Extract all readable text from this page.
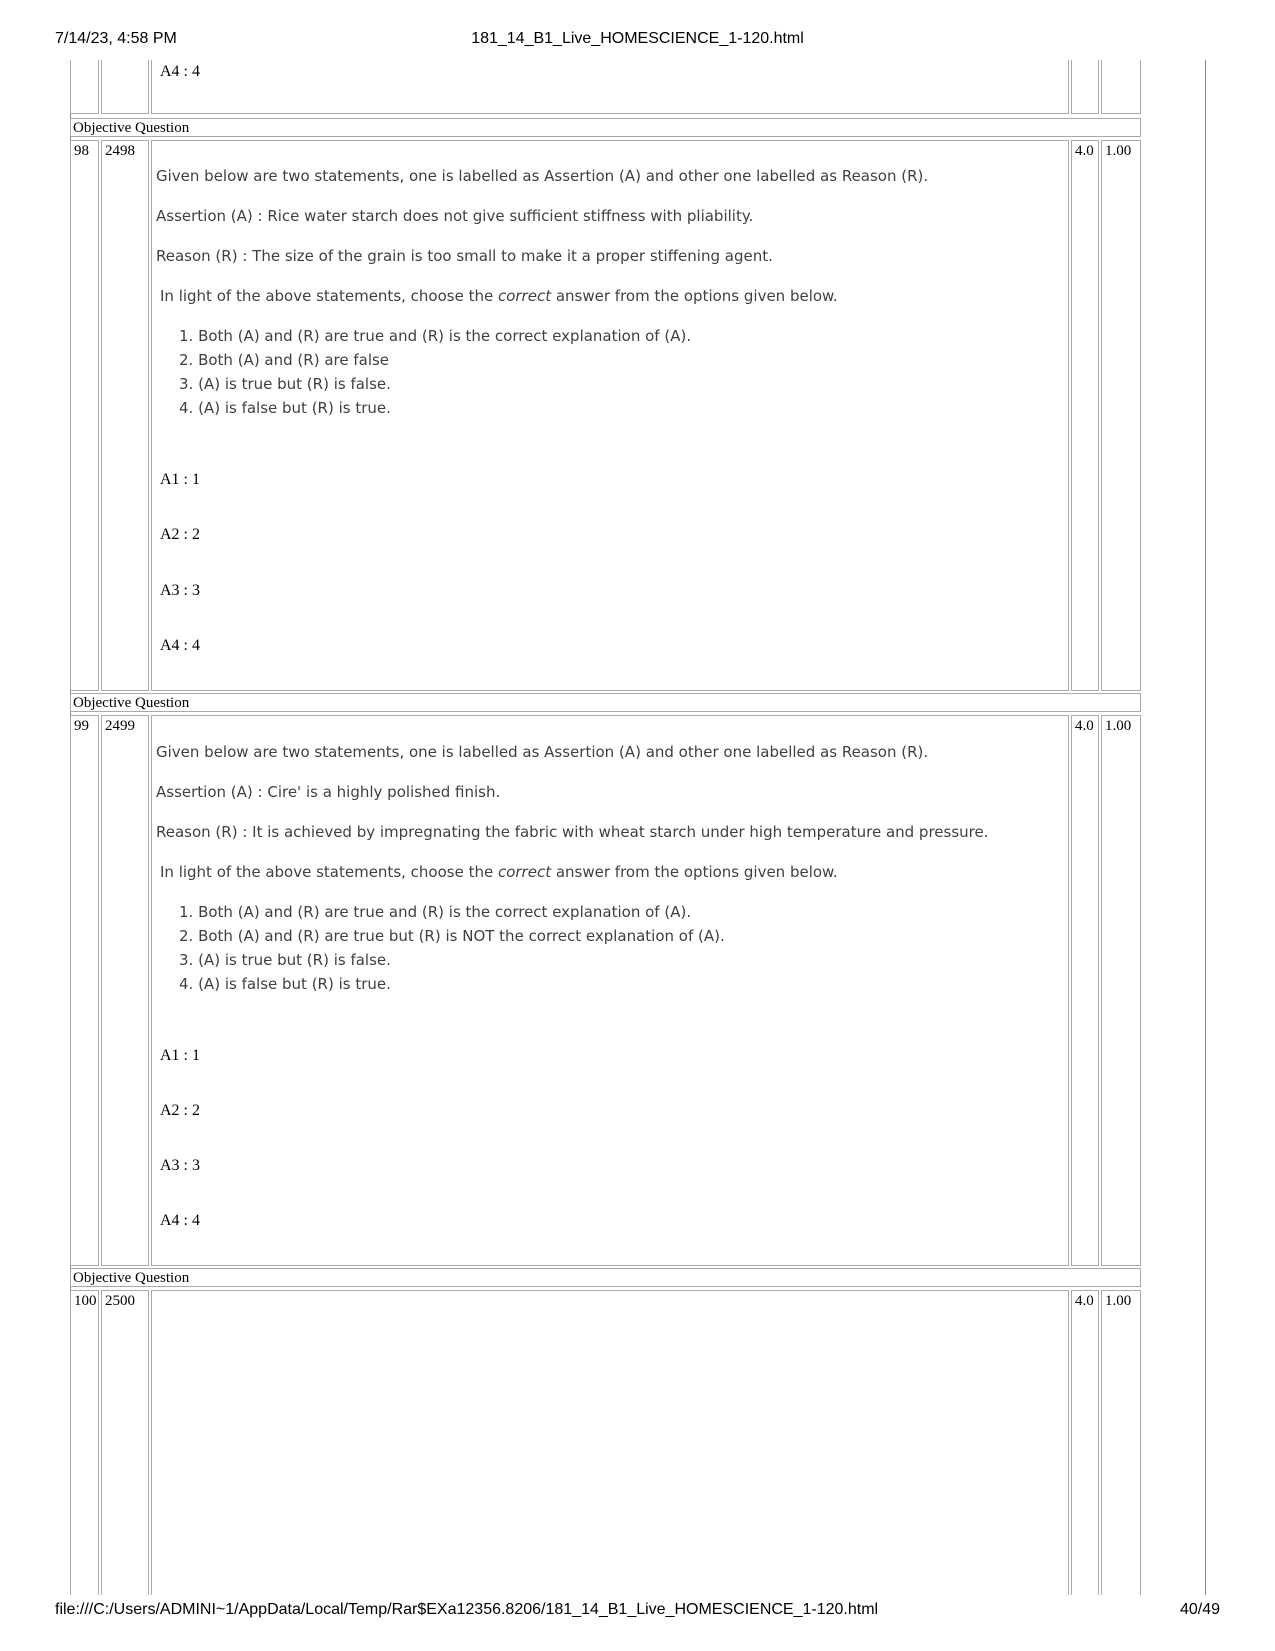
7/14/23, 4:58 PM	181_14_B1_Live_HOMESCIENCE_1-120.html
A4 : 4
Objective Question
98	2498
Given below are two statements, one is labelled as Assertion (A) and other one labelled as Reason (R).
Assertion (A) : Rice water starch does not give sufficient stiffness with pliability.
Reason (R) : The size of the grain is too small to make it a proper stiffening agent.
In light of the above statements, choose the correct answer from the options given below.
1. Both (A) and (R) are true and (R) is the correct explanation of (A).
2. Both (A) and (R) are false
3. (A) is true but (R) is false.
4. (A) is false but (R) is true.
A1 : 1
A2 : 2
A3 : 3
A4 : 4
4.0 1.00
Objective Question
99	2499
Given below are two statements, one is labelled as Assertion (A) and other one labelled as Reason (R).
Assertion (A) : Cire' is a highly polished finish.
Reason (R) : It is achieved by impregnating the fabric with wheat starch under high temperature and pressure.
In light of the above statements, choose the correct answer from the options given below.
1. Both (A) and (R) are true and (R) is the correct explanation of (A).
2. Both (A) and (R) are true but (R) is NOT the correct explanation of (A).
3. (A) is true but (R) is false.
4. (A) is false but (R) is true.
A1 : 1
A2 : 2
A3 : 3
A4 : 4
4.0 1.00
Objective Question
100 2500	4.0 1.00
file:///C:/Users/ADMINI~1/AppData/Local/Temp/Rar$EXa12356.8206/181_14_B1_Live_HOMESCIENCE_1-120.html	40/49
